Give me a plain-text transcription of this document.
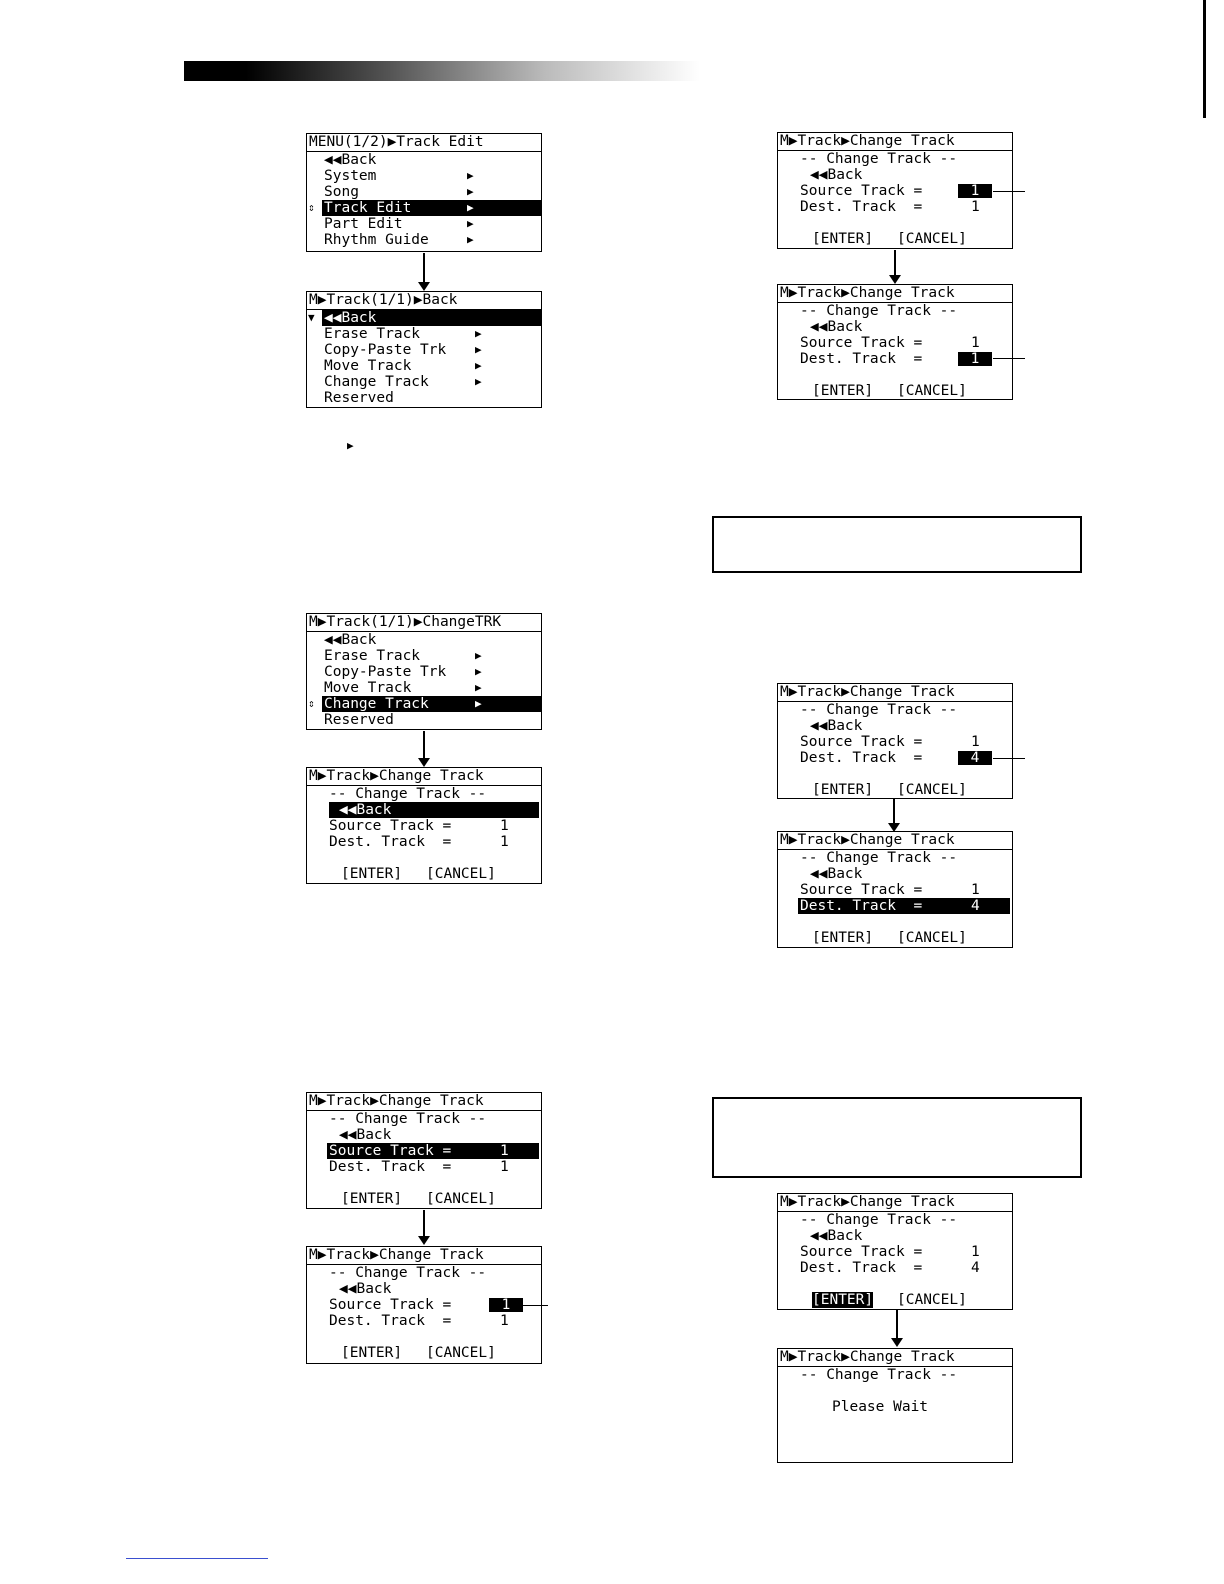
MENU(1/2)▶Track Edit
◀◀Back
System	▶
Song	▶
⇕ Track Edit	▶
Part Edit	▶
Rhythm Guide	▶
M▶Track(1/1)▶Back
▼ ◀◀Back
Erase Track	▶
Copy-Paste Trk	▶
Move Track	▶
Change Track	▶
Reserved
▶
M▶Track(1/1)▶ChangeTRK
◀◀Back
Erase Track	▶
Copy-Paste Trk	▶
Move Track	▶
⇕ Change Track	▶
Reserved
M▶Track▶Change Track
-- Change Track --
◀◀Back
Source Track =	1
Dest. Track  =	1
[ENTER] [CANCEL]
M▶Track▶Change Track
-- Change Track --
◀◀Back
Source Track =	1
Dest. Track  =	1
[ENTER] [CANCEL]
M▶Track▶Change Track
-- Change Track --
◀◀Back
Source Track =	1
Dest. Track  =	1
[ENTER] [CANCEL]
M▶Track▶Change Track
-- Change Track --
◀◀Back
Source Track =	1
Dest. Track  =	1
[ENTER] [CANCEL]
M▶Track▶Change Track
-- Change Track --
◀◀Back
Source Track =	1
Dest. Track  =	1
[ENTER] [CANCEL]
M▶Track▶Change Track
-- Change Track --
◀◀Back
Source Track =	1
Dest. Track  =	4
[ENTER] [CANCEL]
M▶Track▶Change Track
-- Change Track --
◀◀Back
Source Track =	1
Dest. Track  =	4
[ENTER] [CANCEL]
M▶Track▶Change Track
-- Change Track --
◀◀Back
Source Track =	1
Dest. Track  =	4
[ENTER] [CANCEL]
M▶Track▶Change Track
-- Change Track --
Please Wait
